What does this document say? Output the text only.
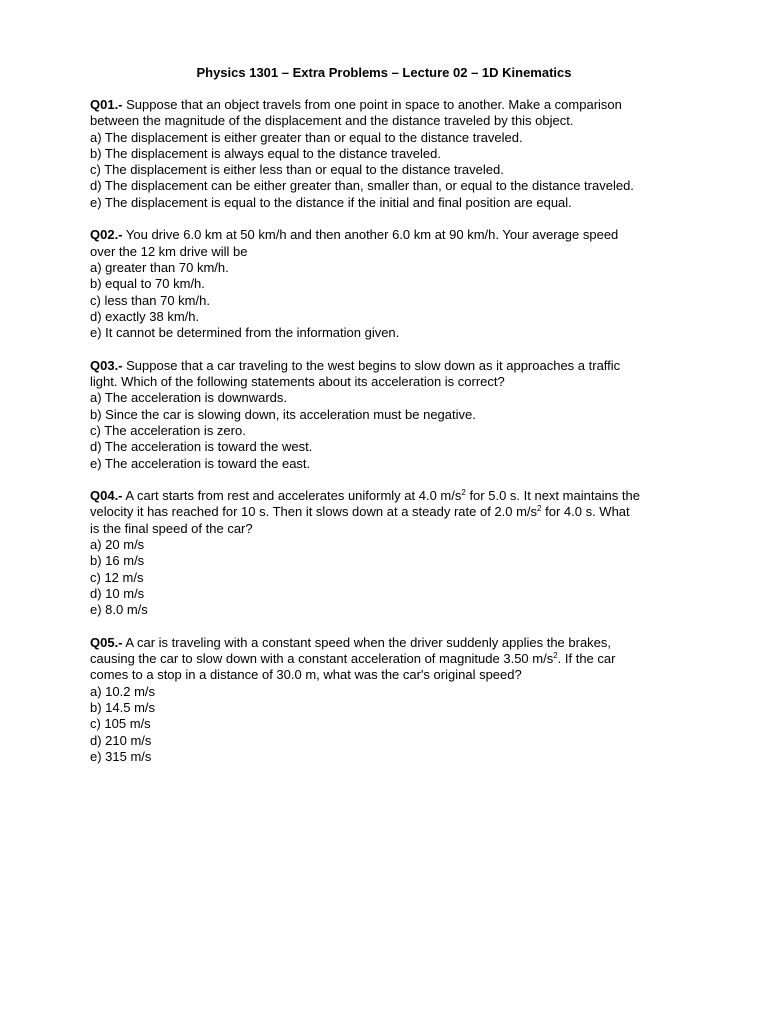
Physics 1301 – Extra Problems – Lecture 02 – 1D Kinematics
Q01.- Suppose that an object travels from one point in space to another. Make a comparison
between the magnitude of the displacement and the distance traveled by this object.
a) The displacement is either greater than or equal to the distance traveled.
b) The displacement is always equal to the distance traveled.
c) The displacement is either less than or equal to the distance traveled.
d) The displacement can be either greater than, smaller than, or equal to the distance traveled.
e) The displacement is equal to the distance if the initial and final position are equal.
Q02.- You drive 6.0 km at 50 km/h and then another 6.0 km at 90 km/h. Your average speed
over the 12 km drive will be
a) greater than 70 km/h.
b) equal to 70 km/h.
c) less than 70 km/h.
d) exactly 38 km/h.
e) It cannot be determined from the information given.
Q03.- Suppose that a car traveling to the west begins to slow down as it approaches a traffic
light. Which of the following statements about its acceleration is correct?
a) The acceleration is downwards.
b) Since the car is slowing down, its acceleration must be negative.
c) The acceleration is zero.
d) The acceleration is toward the west.
e) The acceleration is toward the east.
Q04.- A cart starts from rest and accelerates uniformly at 4.0 $m/s^2$ for 5.0 s. It next maintains the
velocity it has reached for 10 s. Then it slows down at a steady rate of 2.0 $m/s^2$ for 4.0 s. What
is the final speed of the car?
a) 20 m/s
b) 16 m/s
c) 12 m/s
d) 10 m/s
e) 8.0 m/s
Q05.- A car is traveling with a constant speed when the driver suddenly applies the brakes,
causing the car to slow down with a constant acceleration of magnitude 3.50 $m/s^2$. If the car
comes to a stop in a distance of 30.0 m, what was the car's original speed?
a) 10.2 m/s
b) 14.5 m/s
c) 105 m/s
d) 210 m/s
e) 315 m/s
